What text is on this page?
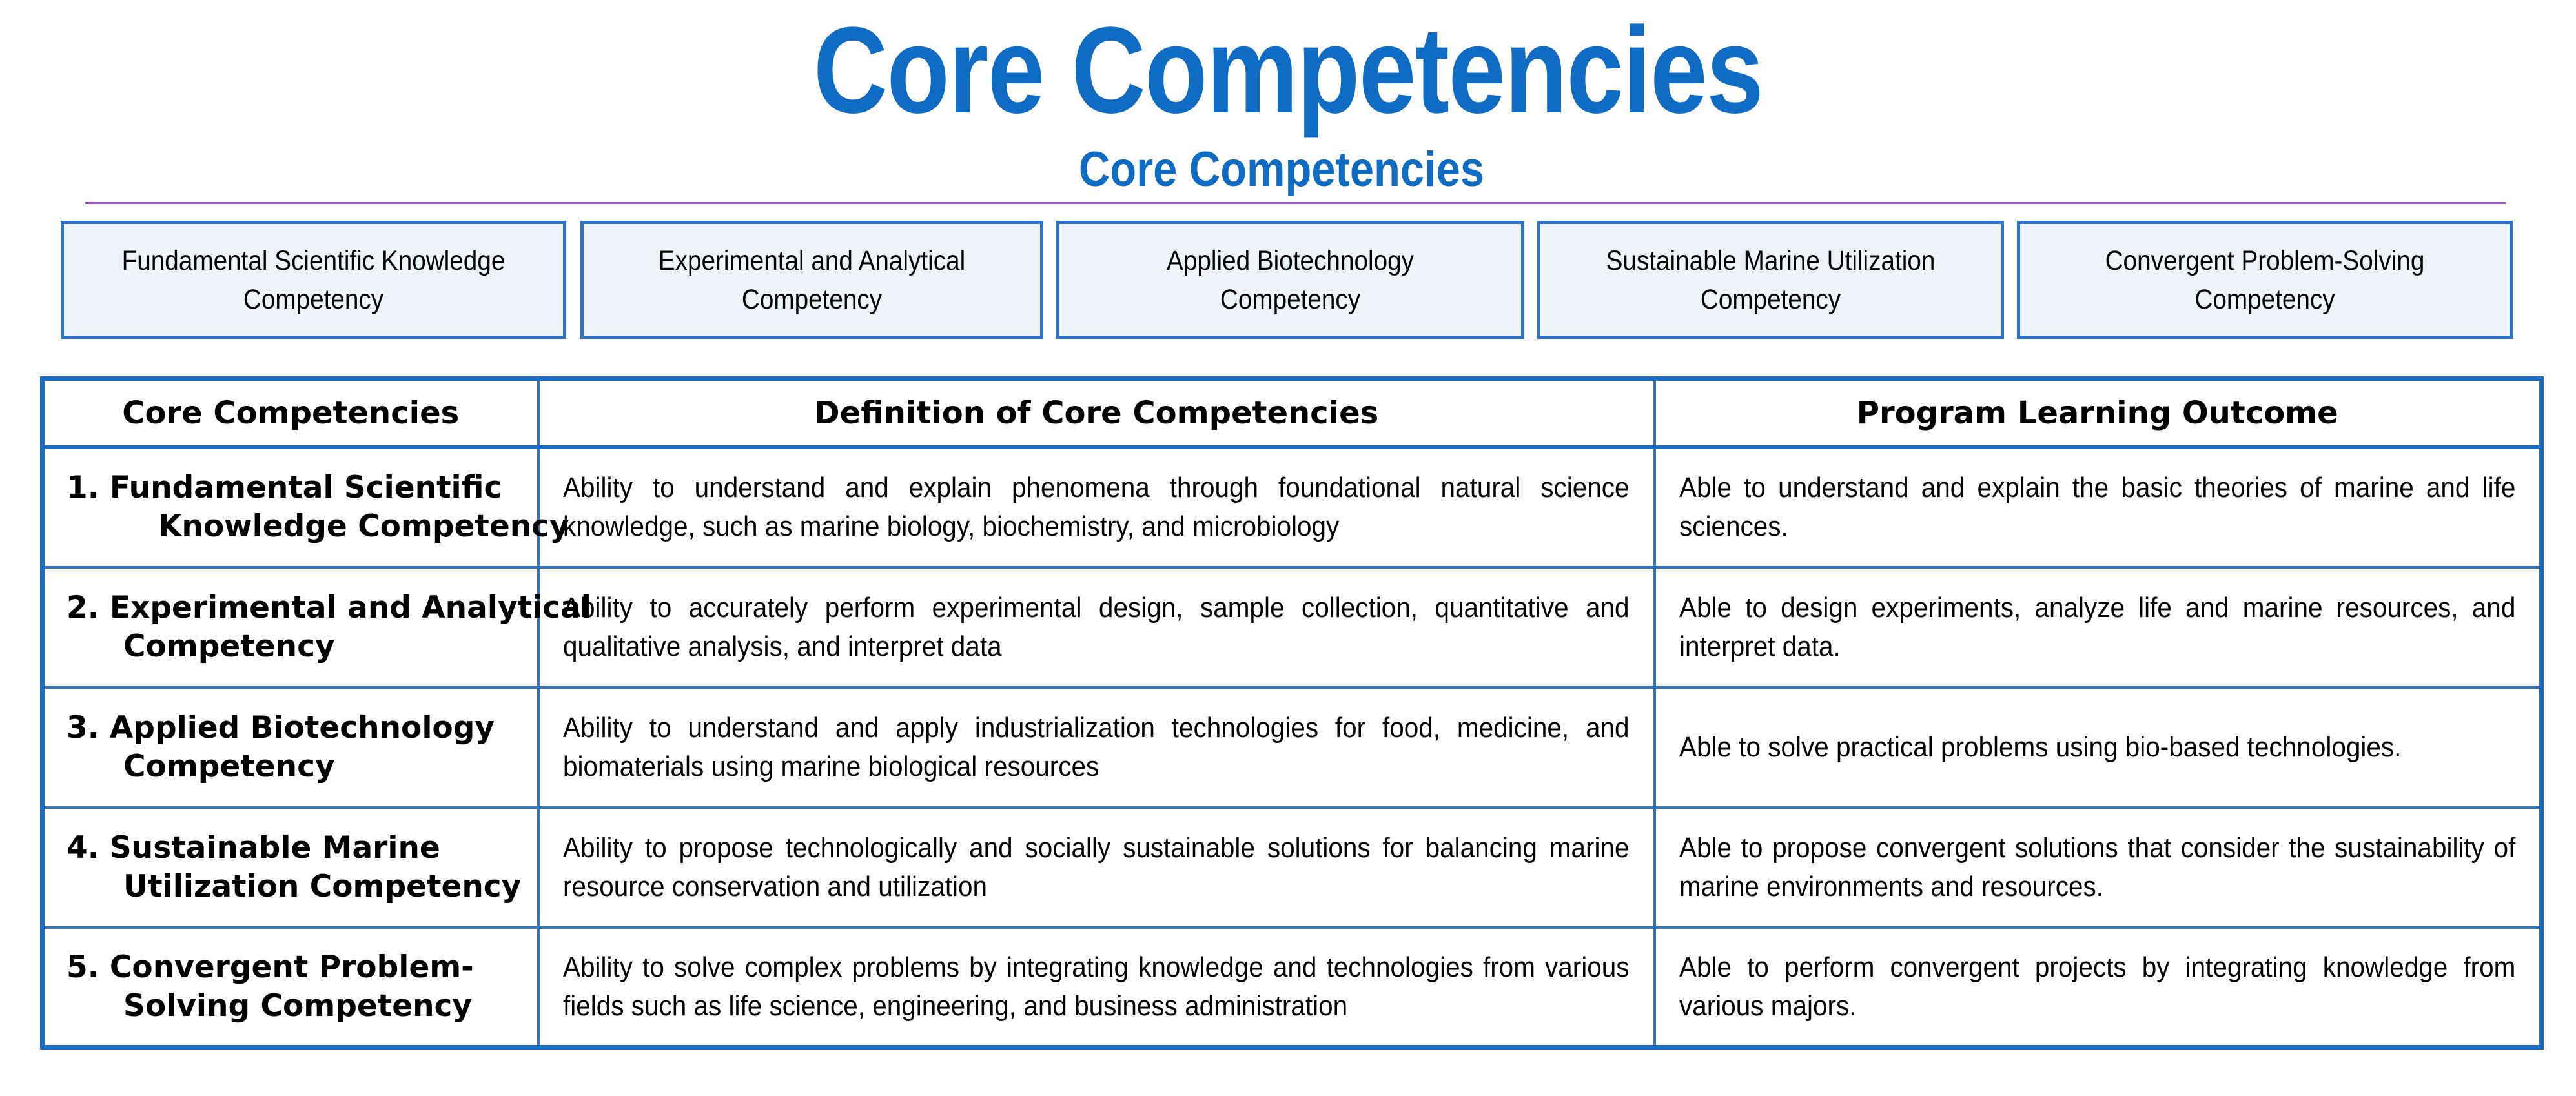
Core Competencies
Core Competencies
Fundamental Scientific Knowledge Competency
Experimental and Analytical Competency
Applied Biotechnology Competency
Sustainable Marine Utilization Competency
Convergent Problem-Solving Competency
Core Competencies	Definition of Core Competencies	Program Learning Outcome

1. Fundamental Scientific
Knowledge Competency	Ability to understand and explain phenomena through foundational natural science knowledge, such as marine biology, biochemistry, and microbiology	Able to understand and explain the basic theories of marine and life sciences.

2. Experimental and Analytical
Competency	Ability to accurately perform experimental design, sample collection, quantitative and qualitative analysis, and interpret data	Able to design experiments, analyze life and marine resources, and interpret data.

3. Applied Biotechnology
Competency	Ability to understand and apply industrialization technologies for food, medicine, and biomaterials using marine biological resources	Able to solve practical problems using bio-based technologies.

4. Sustainable Marine
Utilization Competency	Ability to propose technologically and socially sustainable solutions for balancing marine resource conservation and utilization	Able to propose convergent solutions that consider the sustainability of marine environments and resources.

5. Convergent Problem-
Solving Competency	Ability to solve complex problems by integrating knowledge and technologies from various fields such as life science, engineering, and business administration	Able to perform convergent projects by integrating knowledge from various majors.
